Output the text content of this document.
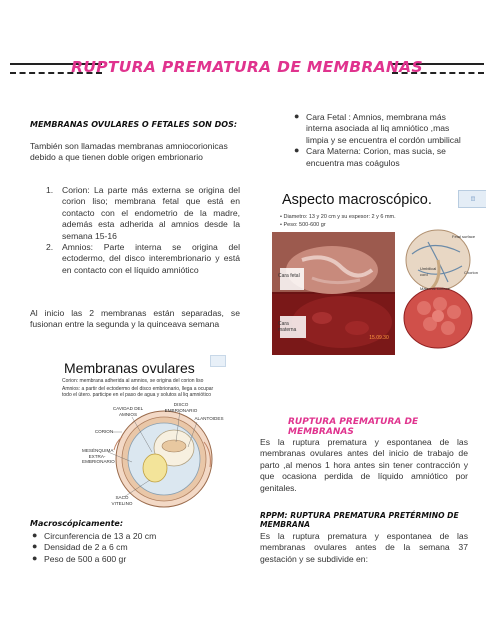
RUPTURA PREMATURA DE MEMBRANAS
MEMBRANAS OVULARES O FETALES SON DOS:
También son llamadas membranas amniocorionicas debido a que tienen doble origen embrionario
1. Corion: La parte más externa se origina del corion liso; membrana fetal que está en contacto con el endometrio de la madre, además esta adherida al amnios desde la semana 15-16
2. Amnios: Parte interna se origina del ectodermo, del disco interembrionario y está en contacto con el líquido amniótico
Al inicio las 2 membranas están separadas, se fusionan entre la segunda y la quinceava semana
Membranas ovulares
Corion: membrana adherida al amnios, se origina del corion liso
Amnios: a partir del ectodermo del disco embrionario, llega a ocupar todo el útero. participe en el paso de agua y solutos al liq amniótico
CAVIDAD DEL AMNIOS
DISCO EMBRIONARIO
ALANTOIDES
CORION
MESÉNQUIMA EXTRA-EMBRIONARIO
SACO VITELINO
Macroscópicamente:
● Circunferencia de 13 a 20 cm
● Densidad de 2 a 6 cm
● Peso de 500 a 600 gr
● Cara Fetal : Amnios, membrana más interna asociada al liq amniótico ,mas limpia y se encuentra el cordón umbilical
● Cara Materna: Corion, mas sucia, se encuentra mas coágulos
Aspecto macroscópico.	◫
• Diametro: 13 y 20 cm y su espesor: 2 y 6 mm.
• Peso: 500-600 gr
Cara fetal
Cara materna
Fetal surface
Umbilical cord	Chorion
Maternal surface
15.09.30
RUPTURA PREMATURA DE MEMBRANAS
Es la ruptura prematura y espontanea de las membranas ovulares antes del inicio de trabajo de parto ,al menos 1 hora antes sin tener contracción y que ocasiona perdida de líquido amniótico por genitales.
RPPM: RUPTURA PREMATURA PRETÉRMINO DE MEMBRANA
Es la ruptura prematura y espontanea de las membranas ovulares antes de la semana 37 gestación y se subdivide en:
